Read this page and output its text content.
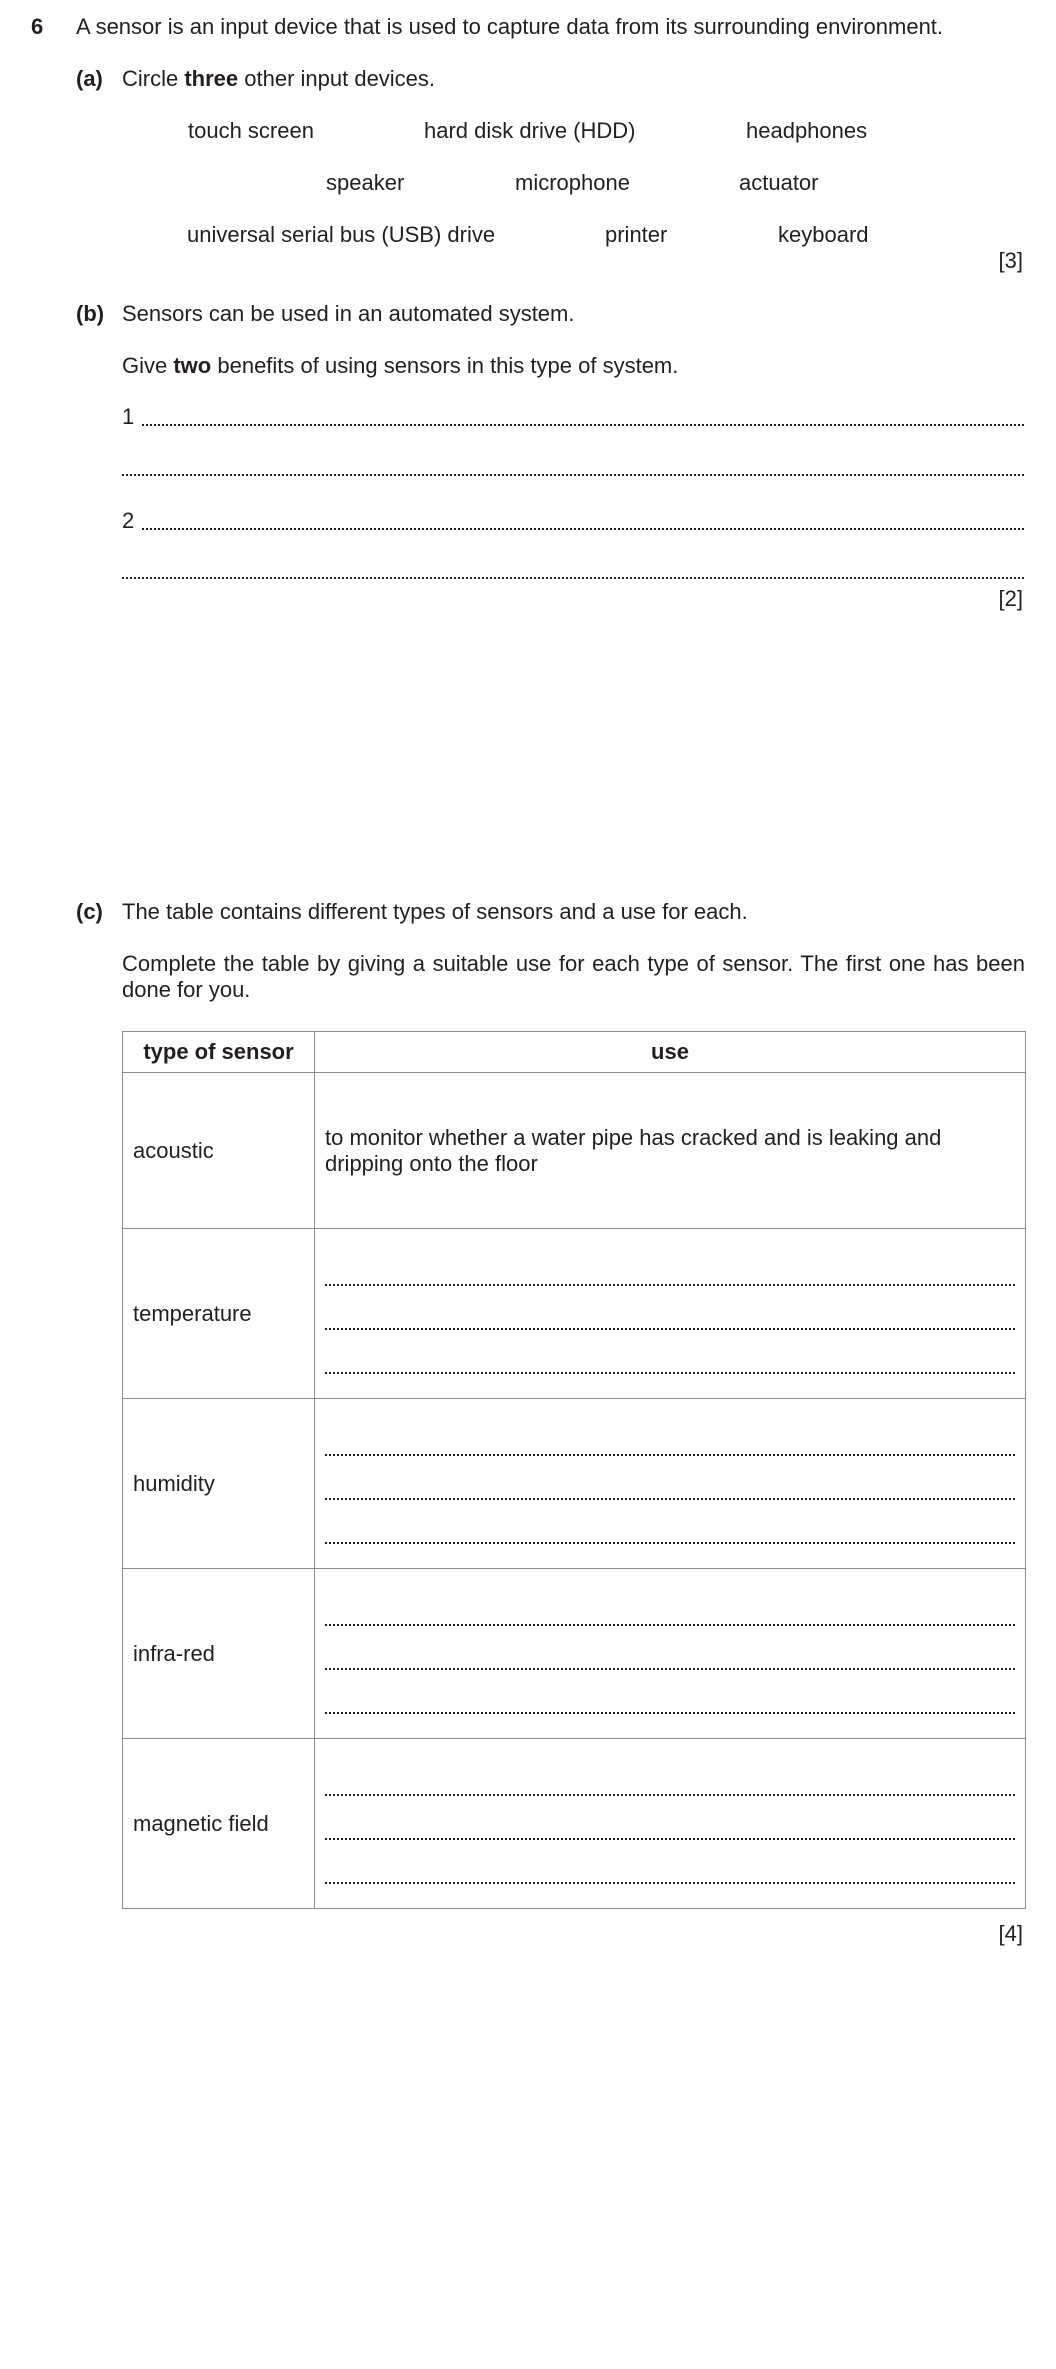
6 A sensor is an input device that is used to capture data from its surrounding environment.
(a) Circle three other input devices.
touch screen	hard disk drive (HDD)	headphones
speaker	microphone	actuator
universal serial bus (USB) drive	printer	keyboard
[3]
(b) Sensors can be used in an automated system.
Give two benefits of using sensors in this type of system.
1
2
[2]
(c) The table contains different types of sensors and a use for each.
Complete the table by giving a suitable use for each type of sensor. The first one has been done for you.
type of sensor	use
acoustic	to monitor whether a water pipe has cracked and is leaking and dripping onto the floor
temperature	

humidity	

infra-red	

magnetic field	
[4]
